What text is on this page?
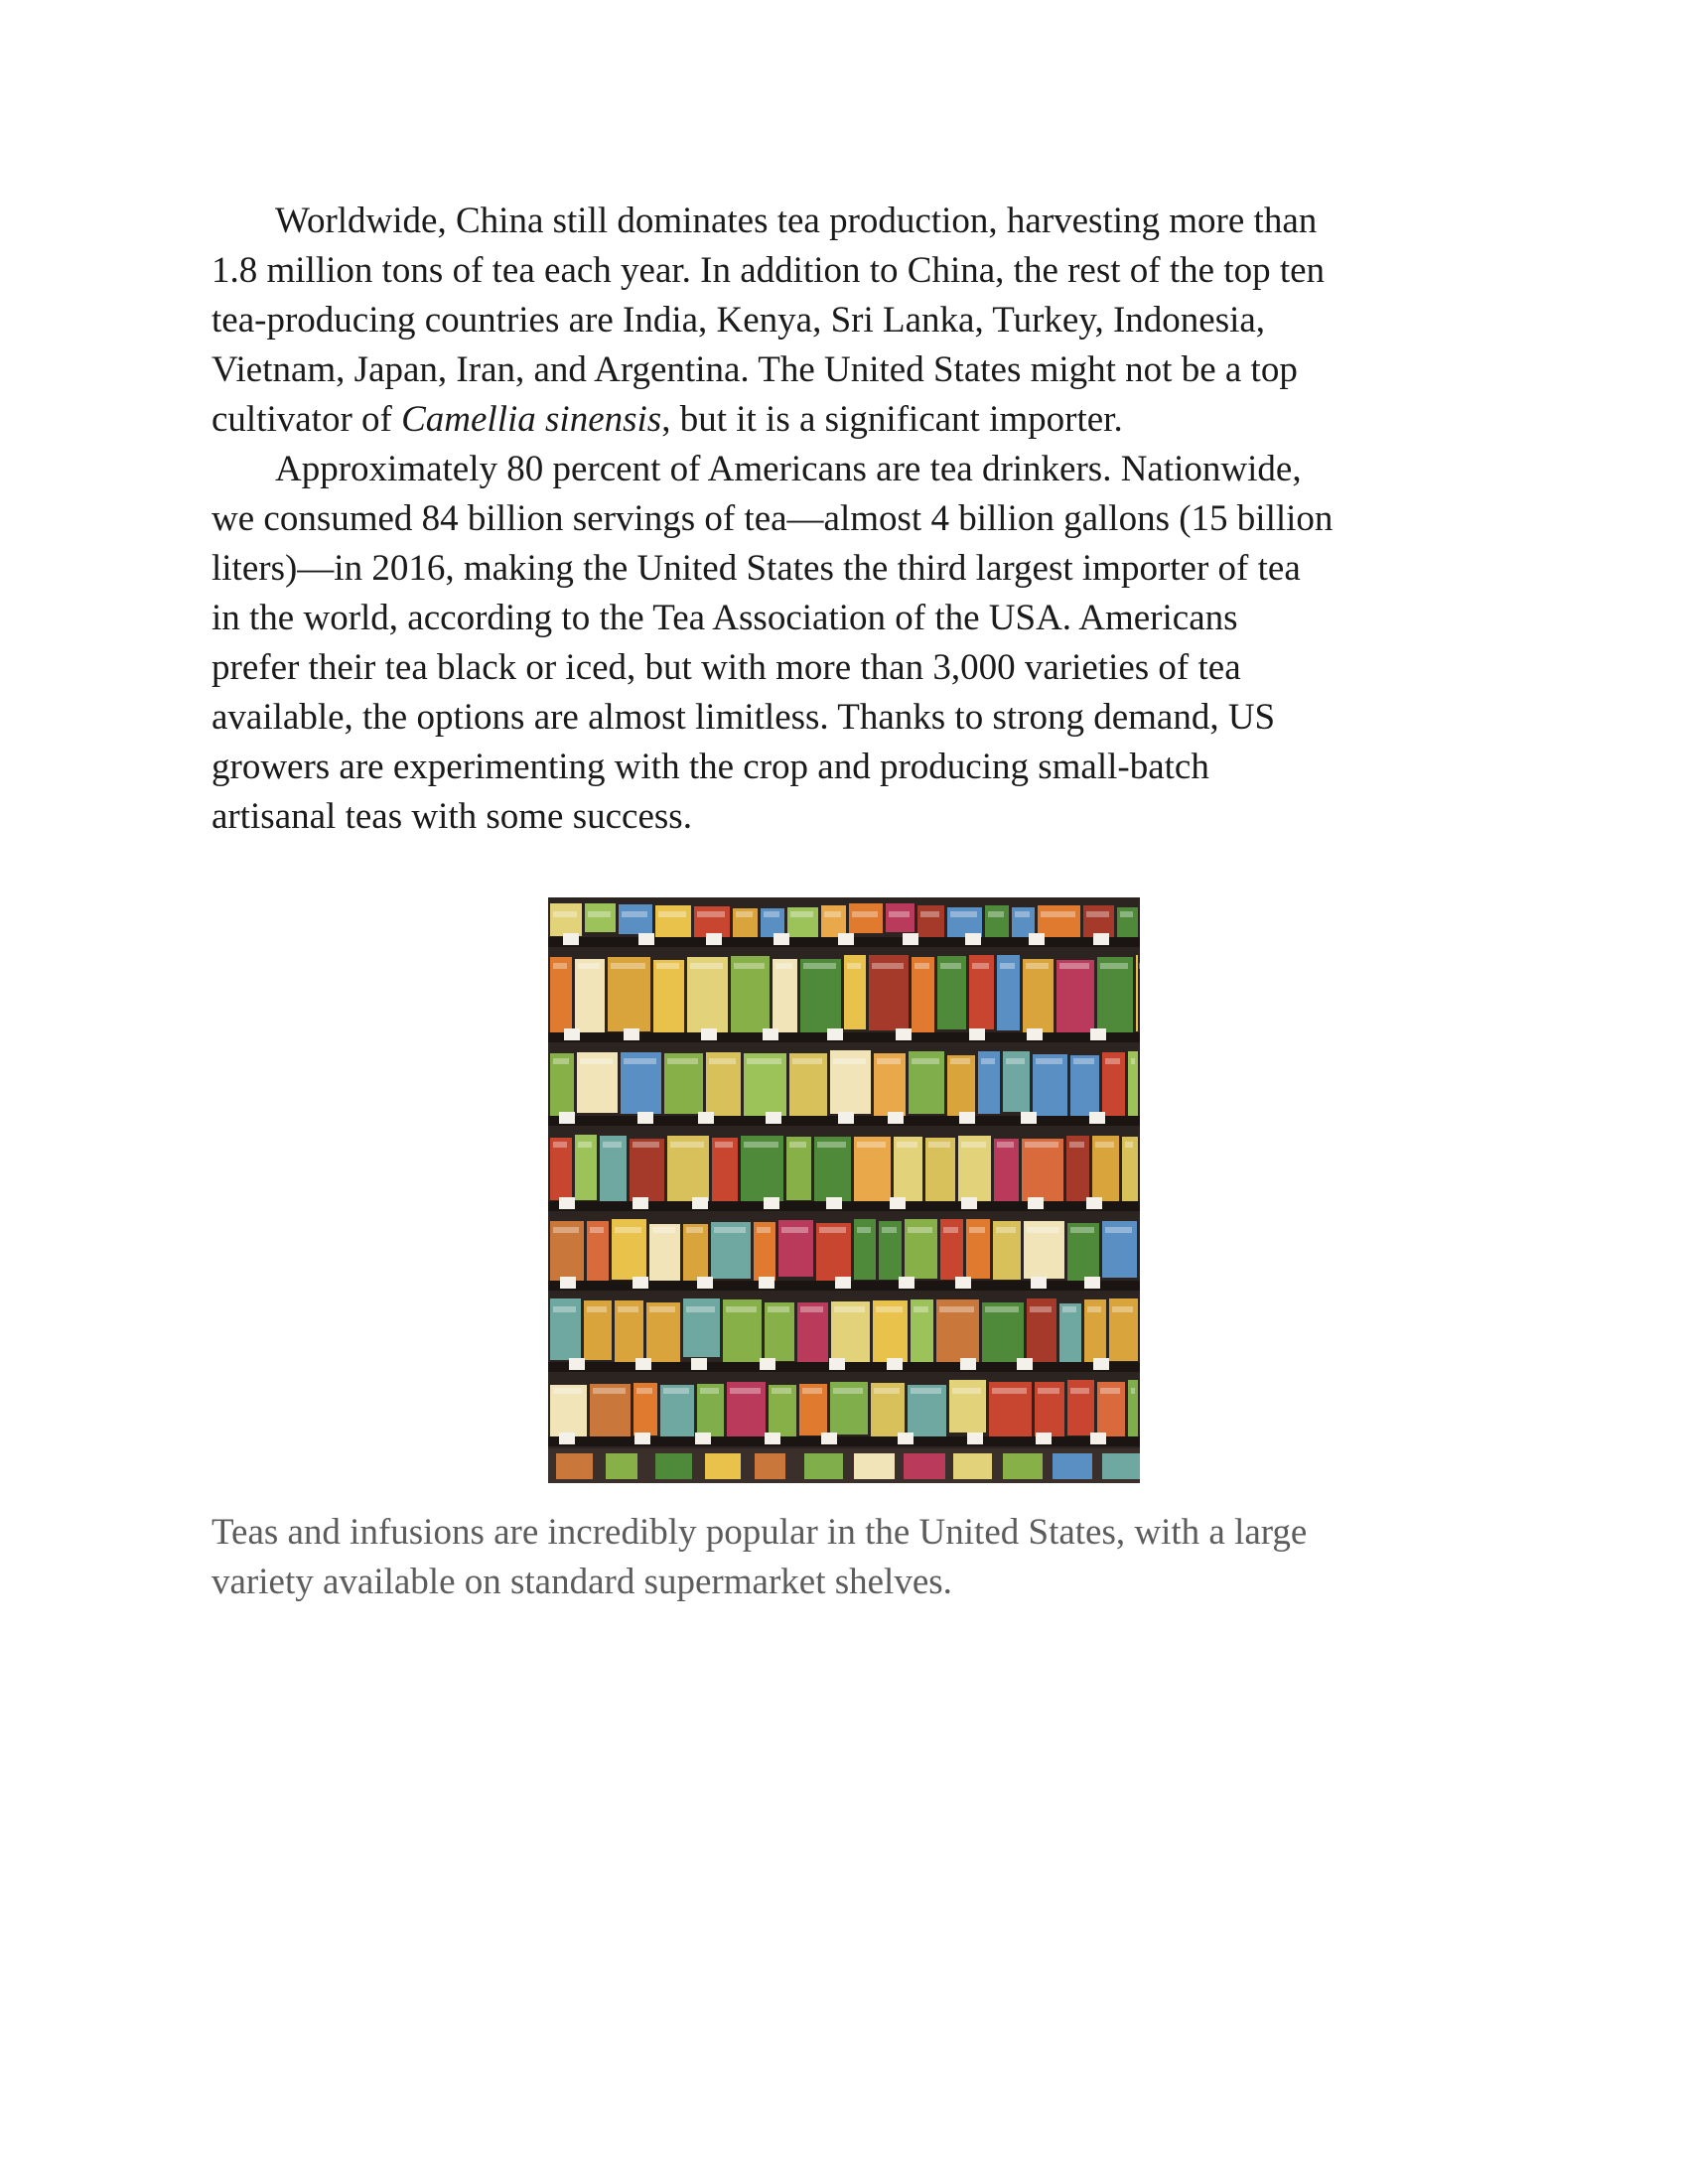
Worldwide, China still dominates tea production, harvesting more than
1.8 million tons of tea each year. In addition to China, the rest of the top ten
tea-producing countries are India, Kenya, Sri Lanka, Turkey, Indonesia,
Vietnam, Japan, Iran, and Argentina. The United States might not be a top
cultivator of Camellia sinensis, but it is a significant importer.

Approximately 80 percent of Americans are tea drinkers. Nationwide,
we consumed 84 billion servings of tea—almost 4 billion gallons (15 billion
liters)—in 2016, making the United States the third largest importer of tea
in the world, according to the Tea Association of the USA. Americans
prefer their tea black or iced, but with more than 3,000 varieties of tea
available, the options are almost limitless. Thanks to strong demand, US
growers are experimenting with the crop and producing small-batch
artisanal teas with some success.

Teas and infusions are incredibly popular in the United States, with a large
variety available on standard supermarket shelves.
